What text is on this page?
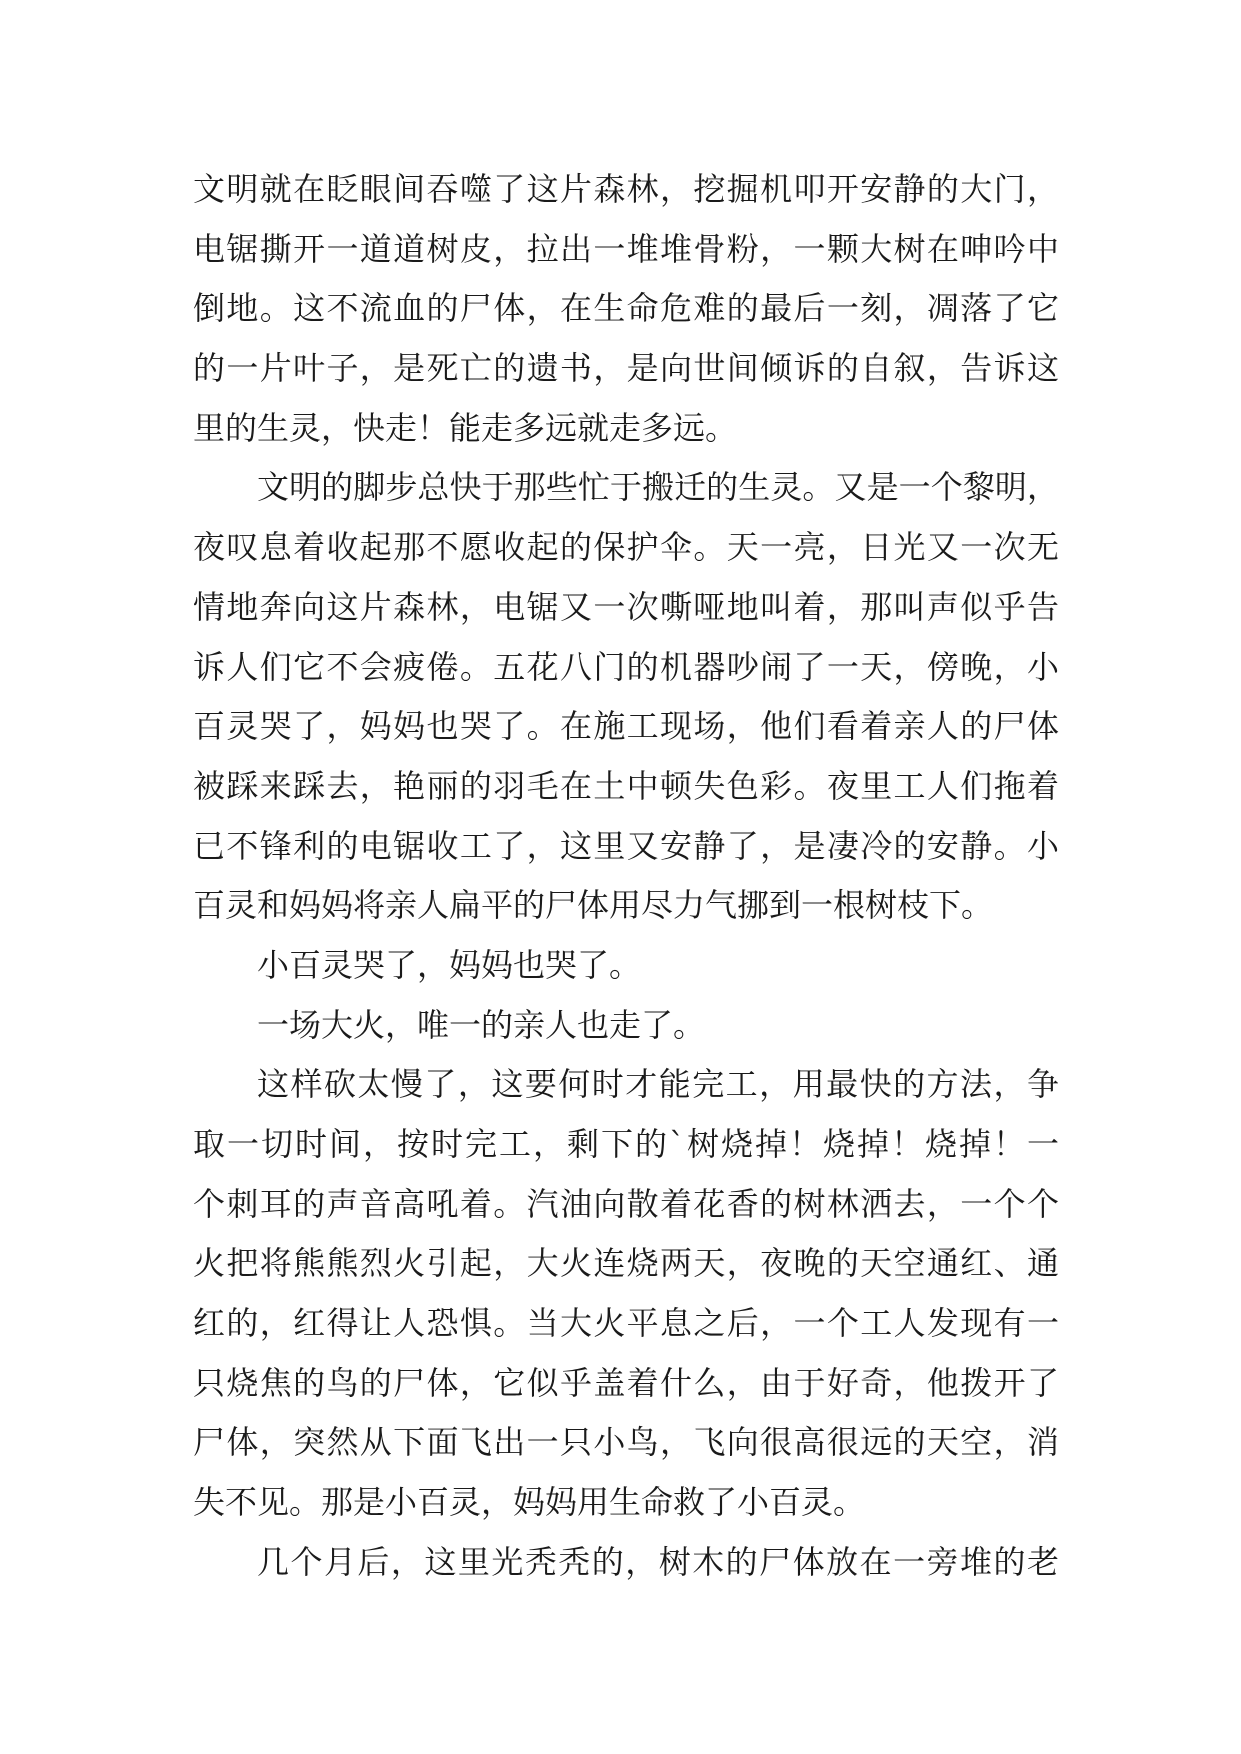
文明就在眨眼间吞噬了这片森林，挖掘机叩开安静的大门，
电锯撕开一道道树皮，拉出一堆堆骨粉，一颗大树在呻吟中
倒地。这不流血的尸体，在生命危难的最后一刻，凋落了它
的一片叶子，是死亡的遗书，是向世间倾诉的自叙，告诉这
里的生灵，快走！能走多远就走多远。
文明的脚步总快于那些忙于搬迁的生灵。又是一个黎明，
夜叹息着收起那不愿收起的保护伞。天一亮，日光又一次无
情地奔向这片森林，电锯又一次嘶哑地叫着，那叫声似乎告
诉人们它不会疲倦。五花八门的机器吵闹了一天，傍晚，小
百灵哭了，妈妈也哭了。在施工现场，他们看着亲人的尸体
被踩来踩去，艳丽的羽毛在土中顿失色彩。夜里工人们拖着
已不锋利的电锯收工了，这里又安静了，是凄冷的安静。小
百灵和妈妈将亲人扁平的尸体用尽力气挪到一根树枝下。
小百灵哭了，妈妈也哭了。
一场大火，唯一的亲人也走了。
这样砍太慢了，这要何时才能完工，用最快的方法，争
取一切时间，按时完工，剩下的`树烧掉！烧掉！烧掉！一
个刺耳的声音高吼着。汽油向散着花香的树林洒去，一个个
火把将熊熊烈火引起，大火连烧两天，夜晚的天空通红、通
红的，红得让人恐惧。当大火平息之后，一个工人发现有一
只烧焦的鸟的尸体，它似乎盖着什么，由于好奇，他拨开了
尸体，突然从下面飞出一只小鸟，飞向很高很远的天空，消
失不见。那是小百灵，妈妈用生命救了小百灵。
几个月后，这里光秃秃的，树木的尸体放在一旁堆的老
